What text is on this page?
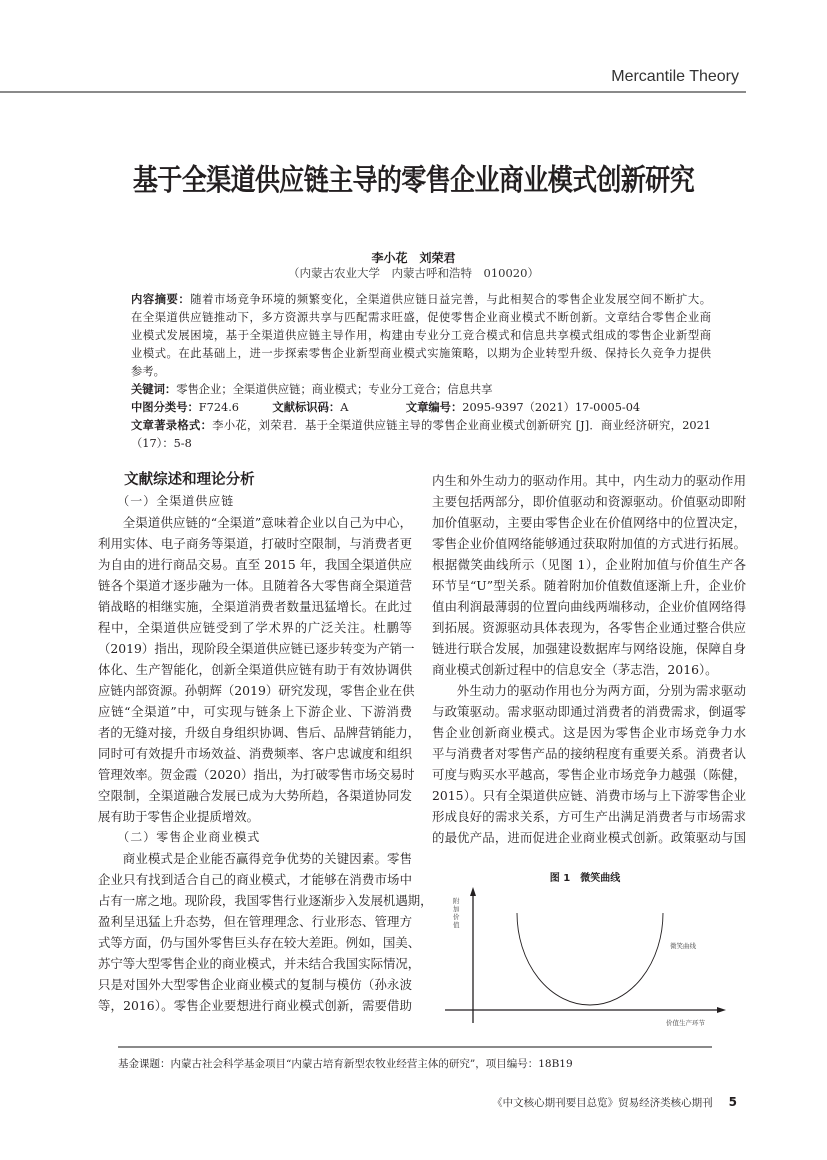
Mercantile Theory
基于全渠道供应链主导的零售企业商业模式创新研究
李小花　刘荣君
（内蒙古农业大学　内蒙古呼和浩特　010020）
内容摘要：随着市场竞争环境的频繁变化，全渠道供应链日益完善，与此相契合的零售企业发展空间不断扩大。
在全渠道供应链推动下，多方资源共享与匹配需求旺盛，促使零售企业商业模式不断创新。文章结合零售企业商
业模式发展困境，基于全渠道供应链主导作用，构建由专业分工竞合模式和信息共享模式组成的零售企业新型商
业模式。在此基础上，进一步探索零售企业新型商业模式实施策略，以期为企业转型升级、保持长久竞争力提供
参考。
关键词：零售企业；全渠道供应链；商业模式；专业分工竞合；信息共享
中图分类号：F724.6	文献标识码：A	文章编号：2095-9397（2021）17-0005-04
文章著录格式：李小花，刘荣君．基于全渠道供应链主导的零售企业商业模式创新研究 [J]．商业经济研究，2021
（17）：5-8
文献综述和理论分析
（一）全渠道供应链
全渠道供应链的“全渠道”意味着企业以自己为中心，
利用实体、电子商务等渠道，打破时空限制，与消费者更
为自由的进行商品交易。直至 2015 年，我国全渠道供应
链各个渠道才逐步融为一体。且随着各大零售商全渠道营
销战略的相继实施，全渠道消费者数量迅猛增长。在此过
程中，全渠道供应链受到了学术界的广泛关注。杜鹏等
（2019）指出，现阶段全渠道供应链已逐步转变为产销一
体化、生产智能化，创新全渠道供应链有助于有效协调供
应链内部资源。孙朝辉（2019）研究发现，零售企业在供
应链“全渠道”中，可实现与链条上下游企业、下游消费
者的无缝对接，升级自身组织协调、售后、品牌营销能力，
同时可有效提升市场效益、消费频率、客户忠诚度和组织
管理效率。贺金霞（2020）指出，为打破零售市场交易时
空限制，全渠道融合发展已成为大势所趋，各渠道协同发
展有助于零售企业提质增效。
（二）零售企业商业模式
商业模式是企业能否赢得竞争优势的关键因素。零售
企业只有找到适合自己的商业模式，才能够在消费市场中
占有一席之地。现阶段，我国零售行业逐渐步入发展机遇期，
盈利呈迅猛上升态势，但在管理理念、行业形态、管理方
式等方面，仍与国外零售巨头存在较大差距。例如，国美、
苏宁等大型零售企业的商业模式，并未结合我国实际情况，
只是对国外大型零售企业商业模式的复制与模仿（孙永波
等，2016）。零售企业要想进行商业模式创新，需要借助
内生和外生动力的驱动作用。其中，内生动力的驱动作用
主要包括两部分，即价值驱动和资源驱动。价值驱动即附
加价值驱动，主要由零售企业在价值网络中的位置决定，
零售企业价值网络能够通过获取附加值的方式进行拓展。
根据微笑曲线所示（见图 1），企业附加值与价值生产各
环节呈“U”型关系。随着附加价值数值逐渐上升，企业价
值由利润最薄弱的位置向曲线两端移动，企业价值网络得
到拓展。资源驱动具体表现为，各零售企业通过整合供应
链进行联合发展，加强建设数据库与网络设施，保障自身
商业模式创新过程中的信息安全（茅志浩，2016）。
外生动力的驱动作用也分为两方面，分别为需求驱动
与政策驱动。需求驱动即通过消费者的消费需求，倒逼零
售企业创新商业模式。这是因为零售企业市场竞争力水
平与消费者对零售产品的接纳程度有重要关系。消费者认
可度与购买水平越高，零售企业市场竞争力越强（陈健，
2015）。只有全渠道供应链、消费市场与上下游零售企业
形成良好的需求关系，方可生产出满足消费者与市场需求
的最优产品，进而促进企业商业模式创新。政策驱动与国
图 1　微笑曲线
附加价值
微笑曲线
价值生产环节
基金课题：内蒙古社会科学基金项目“内蒙古培育新型农牧业经营主体的研究”，项目编号：18B19
《中文核心期刊要目总览》贸易经济类核心期刊 5
